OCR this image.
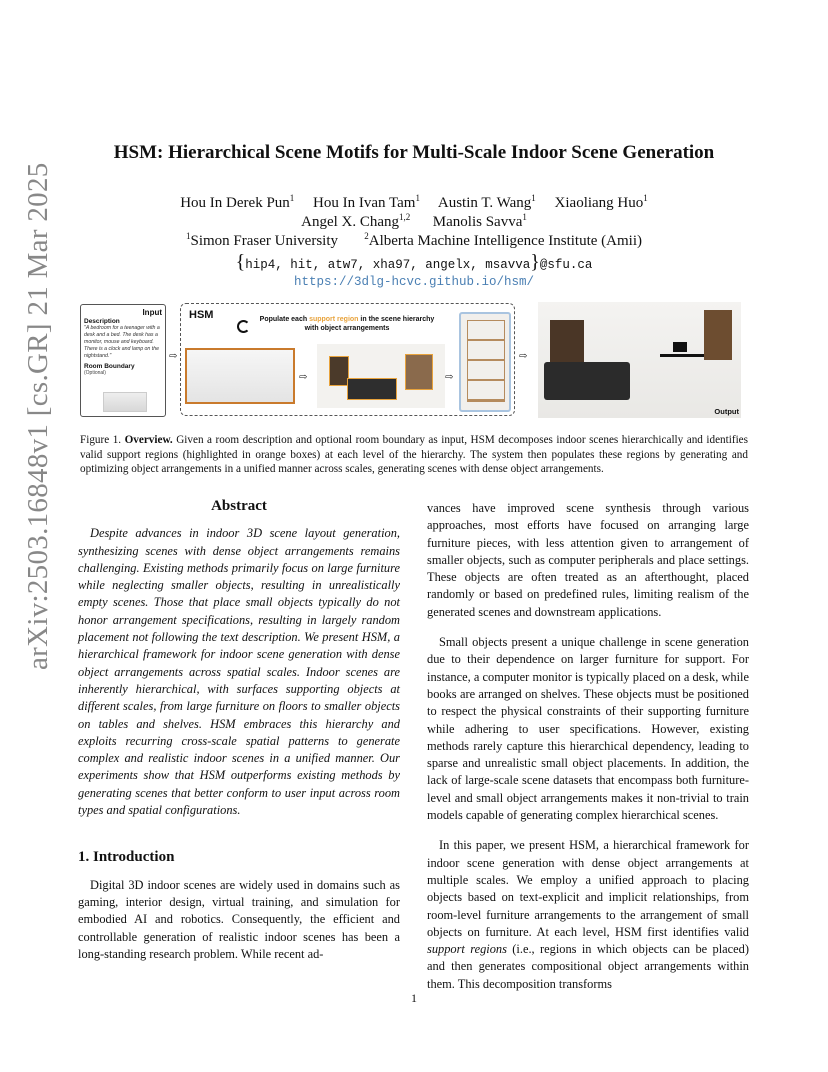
arXiv:2503.16848v1 [cs.GR] 21 Mar 2025
HSM: Hierarchical Scene Motifs for Multi-Scale Indoor Scene Generation
Hou In Derek Pun$^1$ Hou In Ivan Tam$^1$ Austin T. Wang$^1$ Xiaoliang Huo$^1$
Angel X. Chang$^{1,2}$ Manolis Savva$^1$
$^1$Simon Fraser University	$^2$Alberta Machine Intelligence Institute (Amii)
{hip4, hit, atw7, xha97, angelx, msavva}@sfu.ca
https://3dlg-hcvc.github.io/hsm/
Input
Description
"A bedroom for a teenager with a desk and a bed. The desk has a monitor, mouse and keyboard. There is a clock and lamp on the nightstand."
Room Boundary
(Optional)
⇨
HSM	Populate each support region in the scene hierarchy with object arrangements
⇨	⇨
⇨
Output
Figure 1. Overview. Given a room description and optional room boundary as input, HSM decomposes indoor scenes hierarchically and identifies valid support regions (highlighted in orange boxes) at each level of the hierarchy. The system then populates these regions by generating and optimizing object arrangements in a unified manner across scales, generating scenes with dense object arrangements.
Abstract

Despite advances in indoor 3D scene layout generation, synthesizing scenes with dense object arrangements remains challenging. Existing methods primarily focus on large furniture while neglecting smaller objects, resulting in unrealistically empty scenes. Those that place small objects typically do not honor arrangement specifications, resulting in largely random placement not following the text description. We present HSM, a hierarchical framework for indoor scene generation with dense object arrangements across spatial scales. Indoor scenes are inherently hierarchical, with surfaces supporting objects at different scales, from large furniture on floors to smaller objects on tables and shelves. HSM embraces this hierarchy and exploits recurring cross-scale spatial patterns to generate complex and realistic indoor scenes in a unified manner. Our experiments show that HSM outperforms existing methods by generating scenes that better conform to user input across room types and spatial configurations.

1. Introduction

Digital 3D indoor scenes are widely used in domains such as gaming, interior design, virtual training, and simulation for embodied AI and robotics. Consequently, the efficient and controllable generation of realistic indoor scenes has been a long-standing research problem. While recent ad-

vances have improved scene synthesis through various approaches, most efforts have focused on arranging large furniture pieces, with less attention given to arrangement of smaller objects, such as computer peripherals and place settings. These objects are often treated as an afterthought, placed randomly or based on predefined rules, limiting realism of the generated scenes and downstream applications.

Small objects present a unique challenge in scene generation due to their dependence on larger furniture for support. For instance, a computer monitor is typically placed on a desk, while books are arranged on shelves. These objects must be positioned to respect the physical constraints of their supporting furniture while adhering to user specifications. However, existing methods rarely capture this hierarchical dependency, leading to sparse and unrealistic small object placements. In addition, the lack of large-scale scene datasets that encompass both furniture-level and small object arrangements makes it non-trivial to train models capable of generating complex hierarchical scenes.

In this paper, we present HSM, a hierarchical framework for indoor scene generation with dense object arrangements at multiple scales. We employ a unified approach to placing objects based on text-explicit and implicit relationships, from room-level furniture arrangements to the arrangement of small objects on furniture. At each level, HSM first identifies valid support regions (i.e., regions in which objects can be placed) and then generates compositional object arrangements within them. This decomposition transforms

1
